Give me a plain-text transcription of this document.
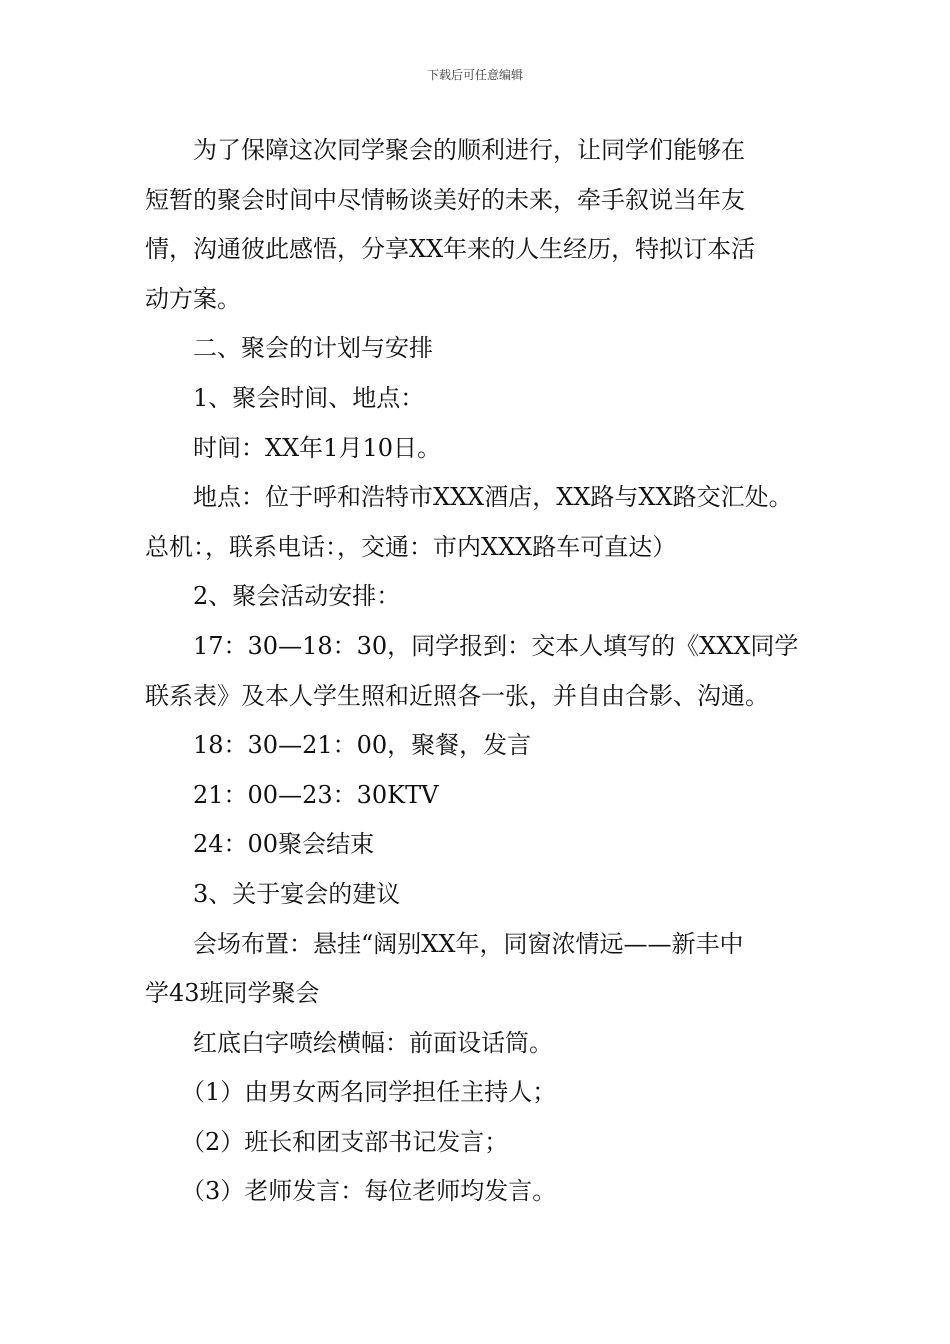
下载后可任意编辑

　　为了保障这次同学聚会的顺利进行，让同学们能够在

短暂的聚会时间中尽情畅谈美好的未来，牵手叙说当年友

情，沟通彼此感悟，分享XX年来的人生经历，特拟订本活

动方案。

　　二、聚会的计划与安排

　　1、聚会时间、地点：

　　时间：XX年1月10日。

　　地点：位于呼和浩特市XXX酒店，XX路与XX路交汇处。

总机：，联系电话：，交通：市内XXX路车可直达）

　　2、聚会活动安排：

　　17：30—18：30，同学报到：交本人填写的《XXX同学

联系表》及本人学生照和近照各一张，并自由合影、沟通。

　　18：30—21：00，聚餐，发言

　　21：00—23：30KTV

　　24：00聚会结束

　　3、关于宴会的建议

　　会场布置：悬挂“阔别XX年，同窗浓情远——新丰中

学43班同学聚会

　　红底白字喷绘横幅：前面设话筒。

　　（1）由男女两名同学担任主持人；

　　（2）班长和团支部书记发言；

　　（3）老师发言：每位老师均发言。
